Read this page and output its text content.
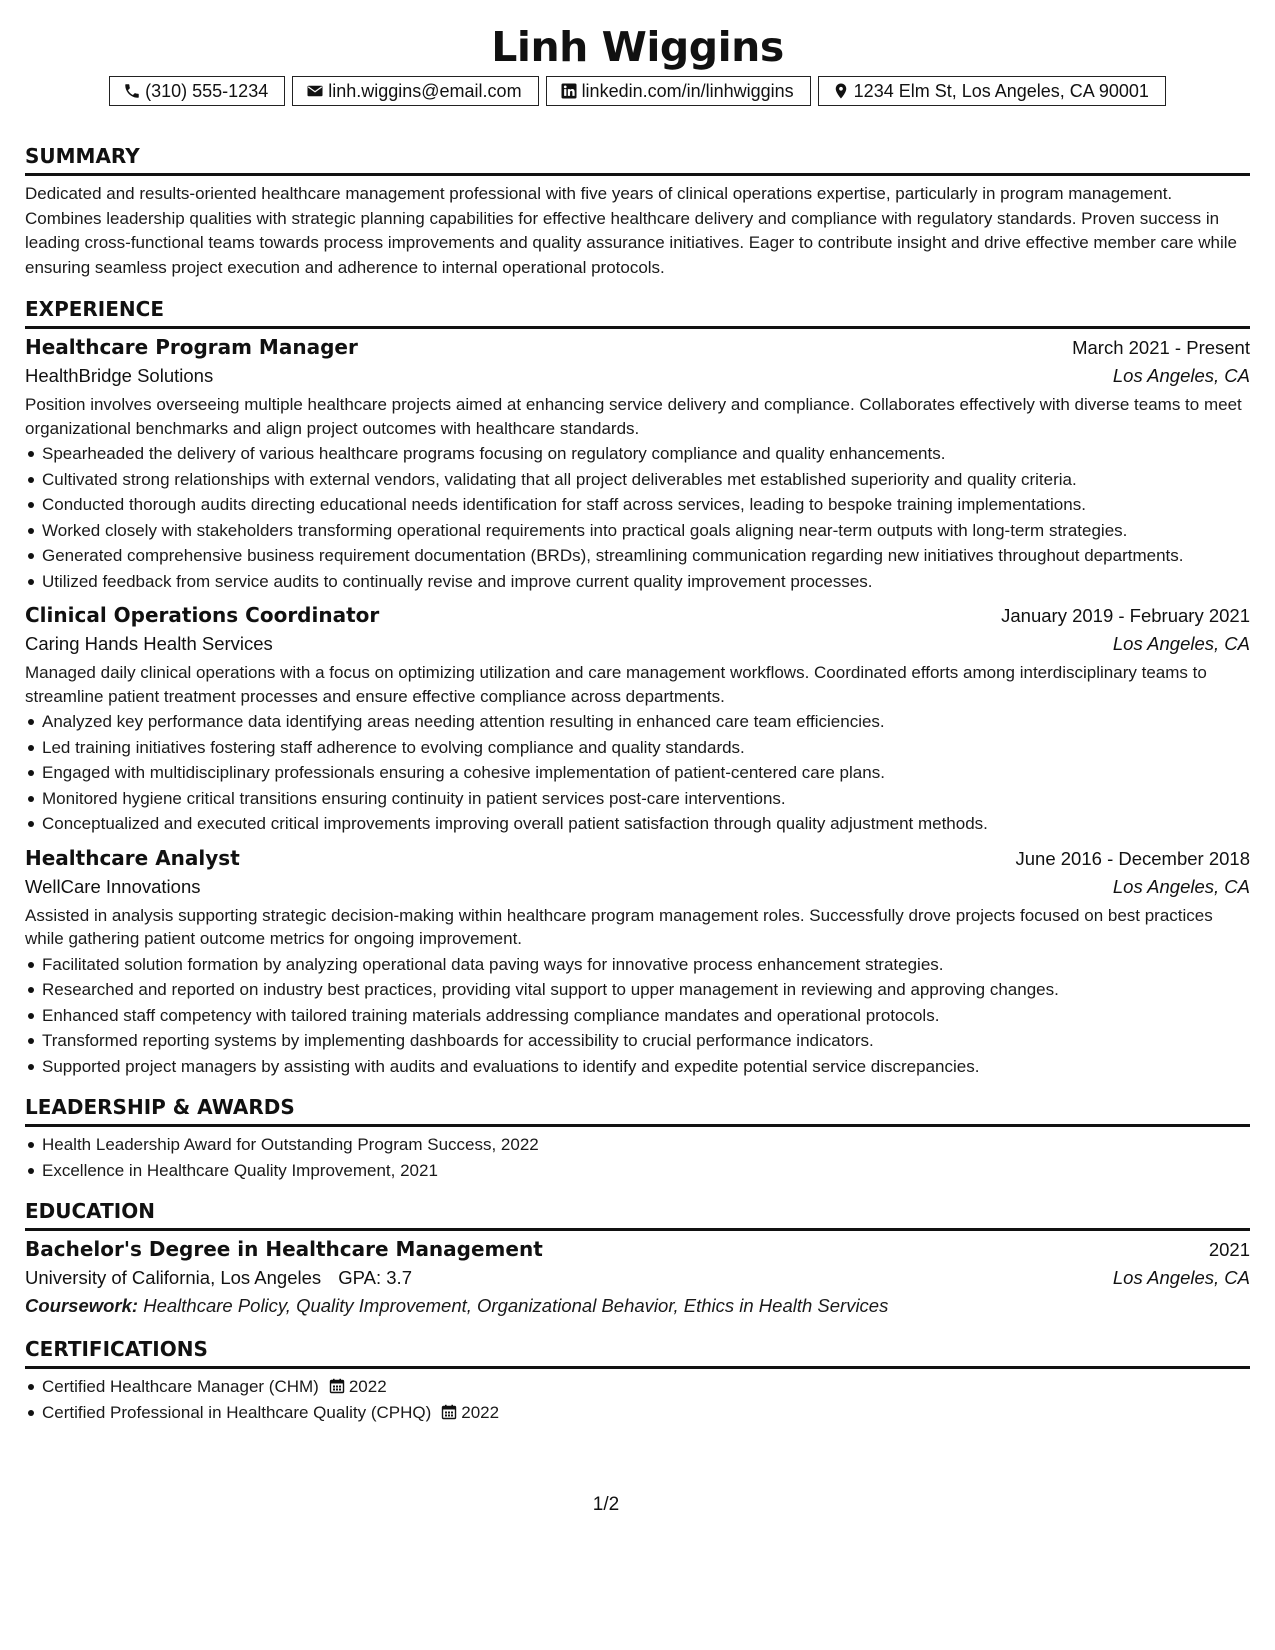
Linh Wiggins
(310) 555-1234	linh.wiggins@email.com	linkedin.com/in/linhwiggins	1234 Elm St, Los Angeles, CA 90001
SUMMARY

Dedicated and results-oriented healthcare management professional with five years of clinical operations expertise, particularly in program management. Combines leadership qualities with strategic planning capabilities for effective healthcare delivery and compliance with regulatory standards. Proven success in leading cross-functional teams towards process improvements and quality assurance initiatives. Eager to contribute insight and drive effective member care while ensuring seamless project execution and adherence to internal operational protocols.

EXPERIENCE
Healthcare Program Manager	March 2021 - Present
HealthBridge Solutions	Los Angeles, CA

Position involves overseeing multiple healthcare projects aimed at enhancing service delivery and compliance. Collaborates effectively with diverse teams to meet organizational benchmarks and align project outcomes with healthcare standards.

Spearheaded the delivery of various healthcare programs focusing on regulatory compliance and quality enhancements.
Cultivated strong relationships with external vendors, validating that all project deliverables met established superiority and quality criteria.
Conducted thorough audits directing educational needs identification for staff across services, leading to bespoke training implementations.
Worked closely with stakeholders transforming operational requirements into practical goals aligning near-term outputs with long-term strategies.
Generated comprehensive business requirement documentation (BRDs), streamlining communication regarding new initiatives throughout departments.
Utilized feedback from service audits to continually revise and improve current quality improvement processes.
Clinical Operations Coordinator	January 2019 - February 2021
Caring Hands Health Services	Los Angeles, CA

Managed daily clinical operations with a focus on optimizing utilization and care management workflows. Coordinated efforts among interdisciplinary teams to streamline patient treatment processes and ensure effective compliance across departments.

Analyzed key performance data identifying areas needing attention resulting in enhanced care team efficiencies.
Led training initiatives fostering staff adherence to evolving compliance and quality standards.
Engaged with multidisciplinary professionals ensuring a cohesive implementation of patient-centered care plans.
Monitored hygiene critical transitions ensuring continuity in patient services post-care interventions.
Conceptualized and executed critical improvements improving overall patient satisfaction through quality adjustment methods.
Healthcare Analyst	June 2016 - December 2018
WellCare Innovations	Los Angeles, CA

Assisted in analysis supporting strategic decision-making within healthcare program management roles. Successfully drove projects focused on best practices while gathering patient outcome metrics for ongoing improvement.

Facilitated solution formation by analyzing operational data paving ways for innovative process enhancement strategies.
Researched and reported on industry best practices, providing vital support to upper management in reviewing and approving changes.
Enhanced staff competency with tailored training materials addressing compliance mandates and operational protocols.
Transformed reporting systems by implementing dashboards for accessibility to crucial performance indicators.
Supported project managers by assisting with audits and evaluations to identify and expedite potential service discrepancies.
LEADERSHIP & AWARDS
Health Leadership Award for Outstanding Program Success, 2022
Excellence in Healthcare Quality Improvement, 2021
EDUCATION
Bachelor's Degree in Healthcare Management	2021
University of California, Los Angeles GPA: 3.7	Los Angeles, CA
Coursework: Healthcare Policy, Quality Improvement, Organizational Behavior, Ethics in Health Services
CERTIFICATIONS
Certified Healthcare Manager (CHM) 2022
Certified Professional in Healthcare Quality (CPHQ) 2022
1/2
